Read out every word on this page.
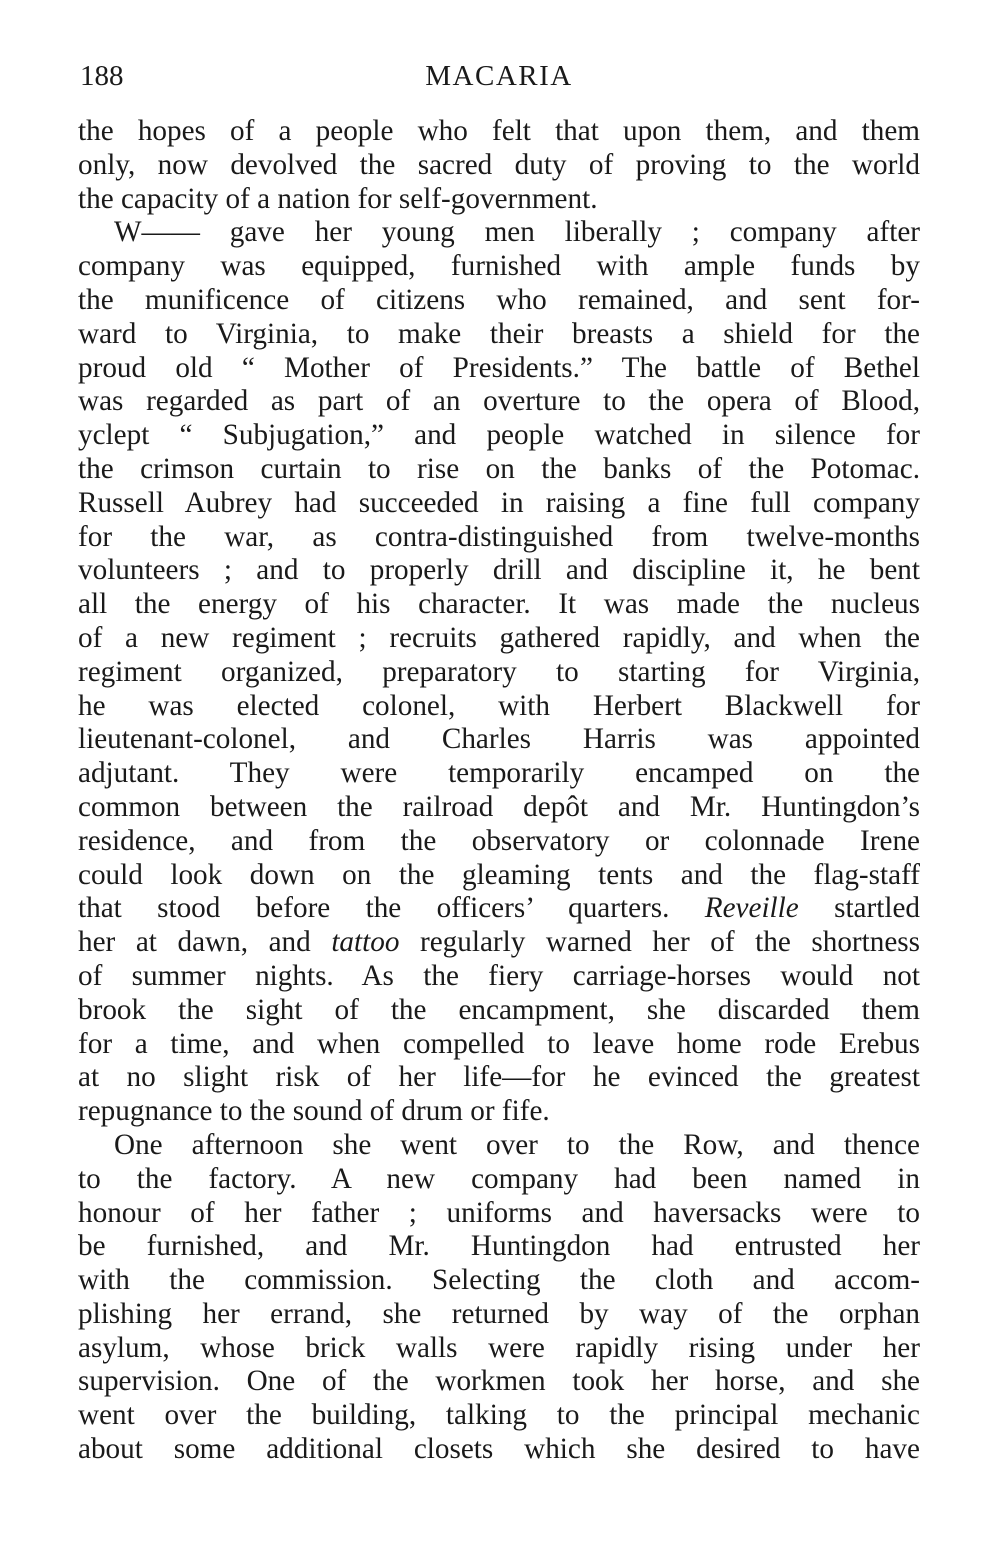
188	MACARIA

the hopes of a people who felt that upon them, and them
only, now devolved the sacred duty of proving to the world
the capacity of a nation for self-government.

W—— gave her young men liberally ; company after
company was equipped, furnished with ample funds by
the munificence of citizens who remained, and sent for-
ward to Virginia, to make their breasts a shield for the
proud old “ Mother of Presidents.” The battle of Bethel
was regarded as part of an overture to the opera of Blood,
yclept “ Subjugation,” and people watched in silence for
the crimson curtain to rise on the banks of the Potomac.
Russell Aubrey had succeeded in raising a fine full company
for the war, as contra-distinguished from twelve-months
volunteers ; and to properly drill and discipline it, he bent
all the energy of his character. It was made the nucleus
of a new regiment ; recruits gathered rapidly, and when the
regiment organized, preparatory to starting for Virginia,
he was elected colonel, with Herbert Blackwell for
lieutenant-colonel, and Charles Harris was appointed
adjutant. They were temporarily encamped on the
common between the railroad depôt and Mr. Huntingdon’s
residence, and from the observatory or colonnade Irene
could look down on the gleaming tents and the flag-staff
that stood before the officers’ quarters. Reveille startled
her at dawn, and tattoo regularly warned her of the shortness
of summer nights. As the fiery carriage-horses would not
brook the sight of the encampment, she discarded them
for a time, and when compelled to leave home rode Erebus
at no slight risk of her life—for he evinced the greatest
repugnance to the sound of drum or fife.

One afternoon she went over to the Row, and thence
to the factory. A new company had been named in
honour of her father ; uniforms and haversacks were to
be furnished, and Mr. Huntingdon had entrusted her
with the commission. Selecting the cloth and accom-
plishing her errand, she returned by way of the orphan
asylum, whose brick walls were rapidly rising under her
supervision. One of the workmen took her horse, and she
went over the building, talking to the principal mechanic
about some additional closets which she desired to have
